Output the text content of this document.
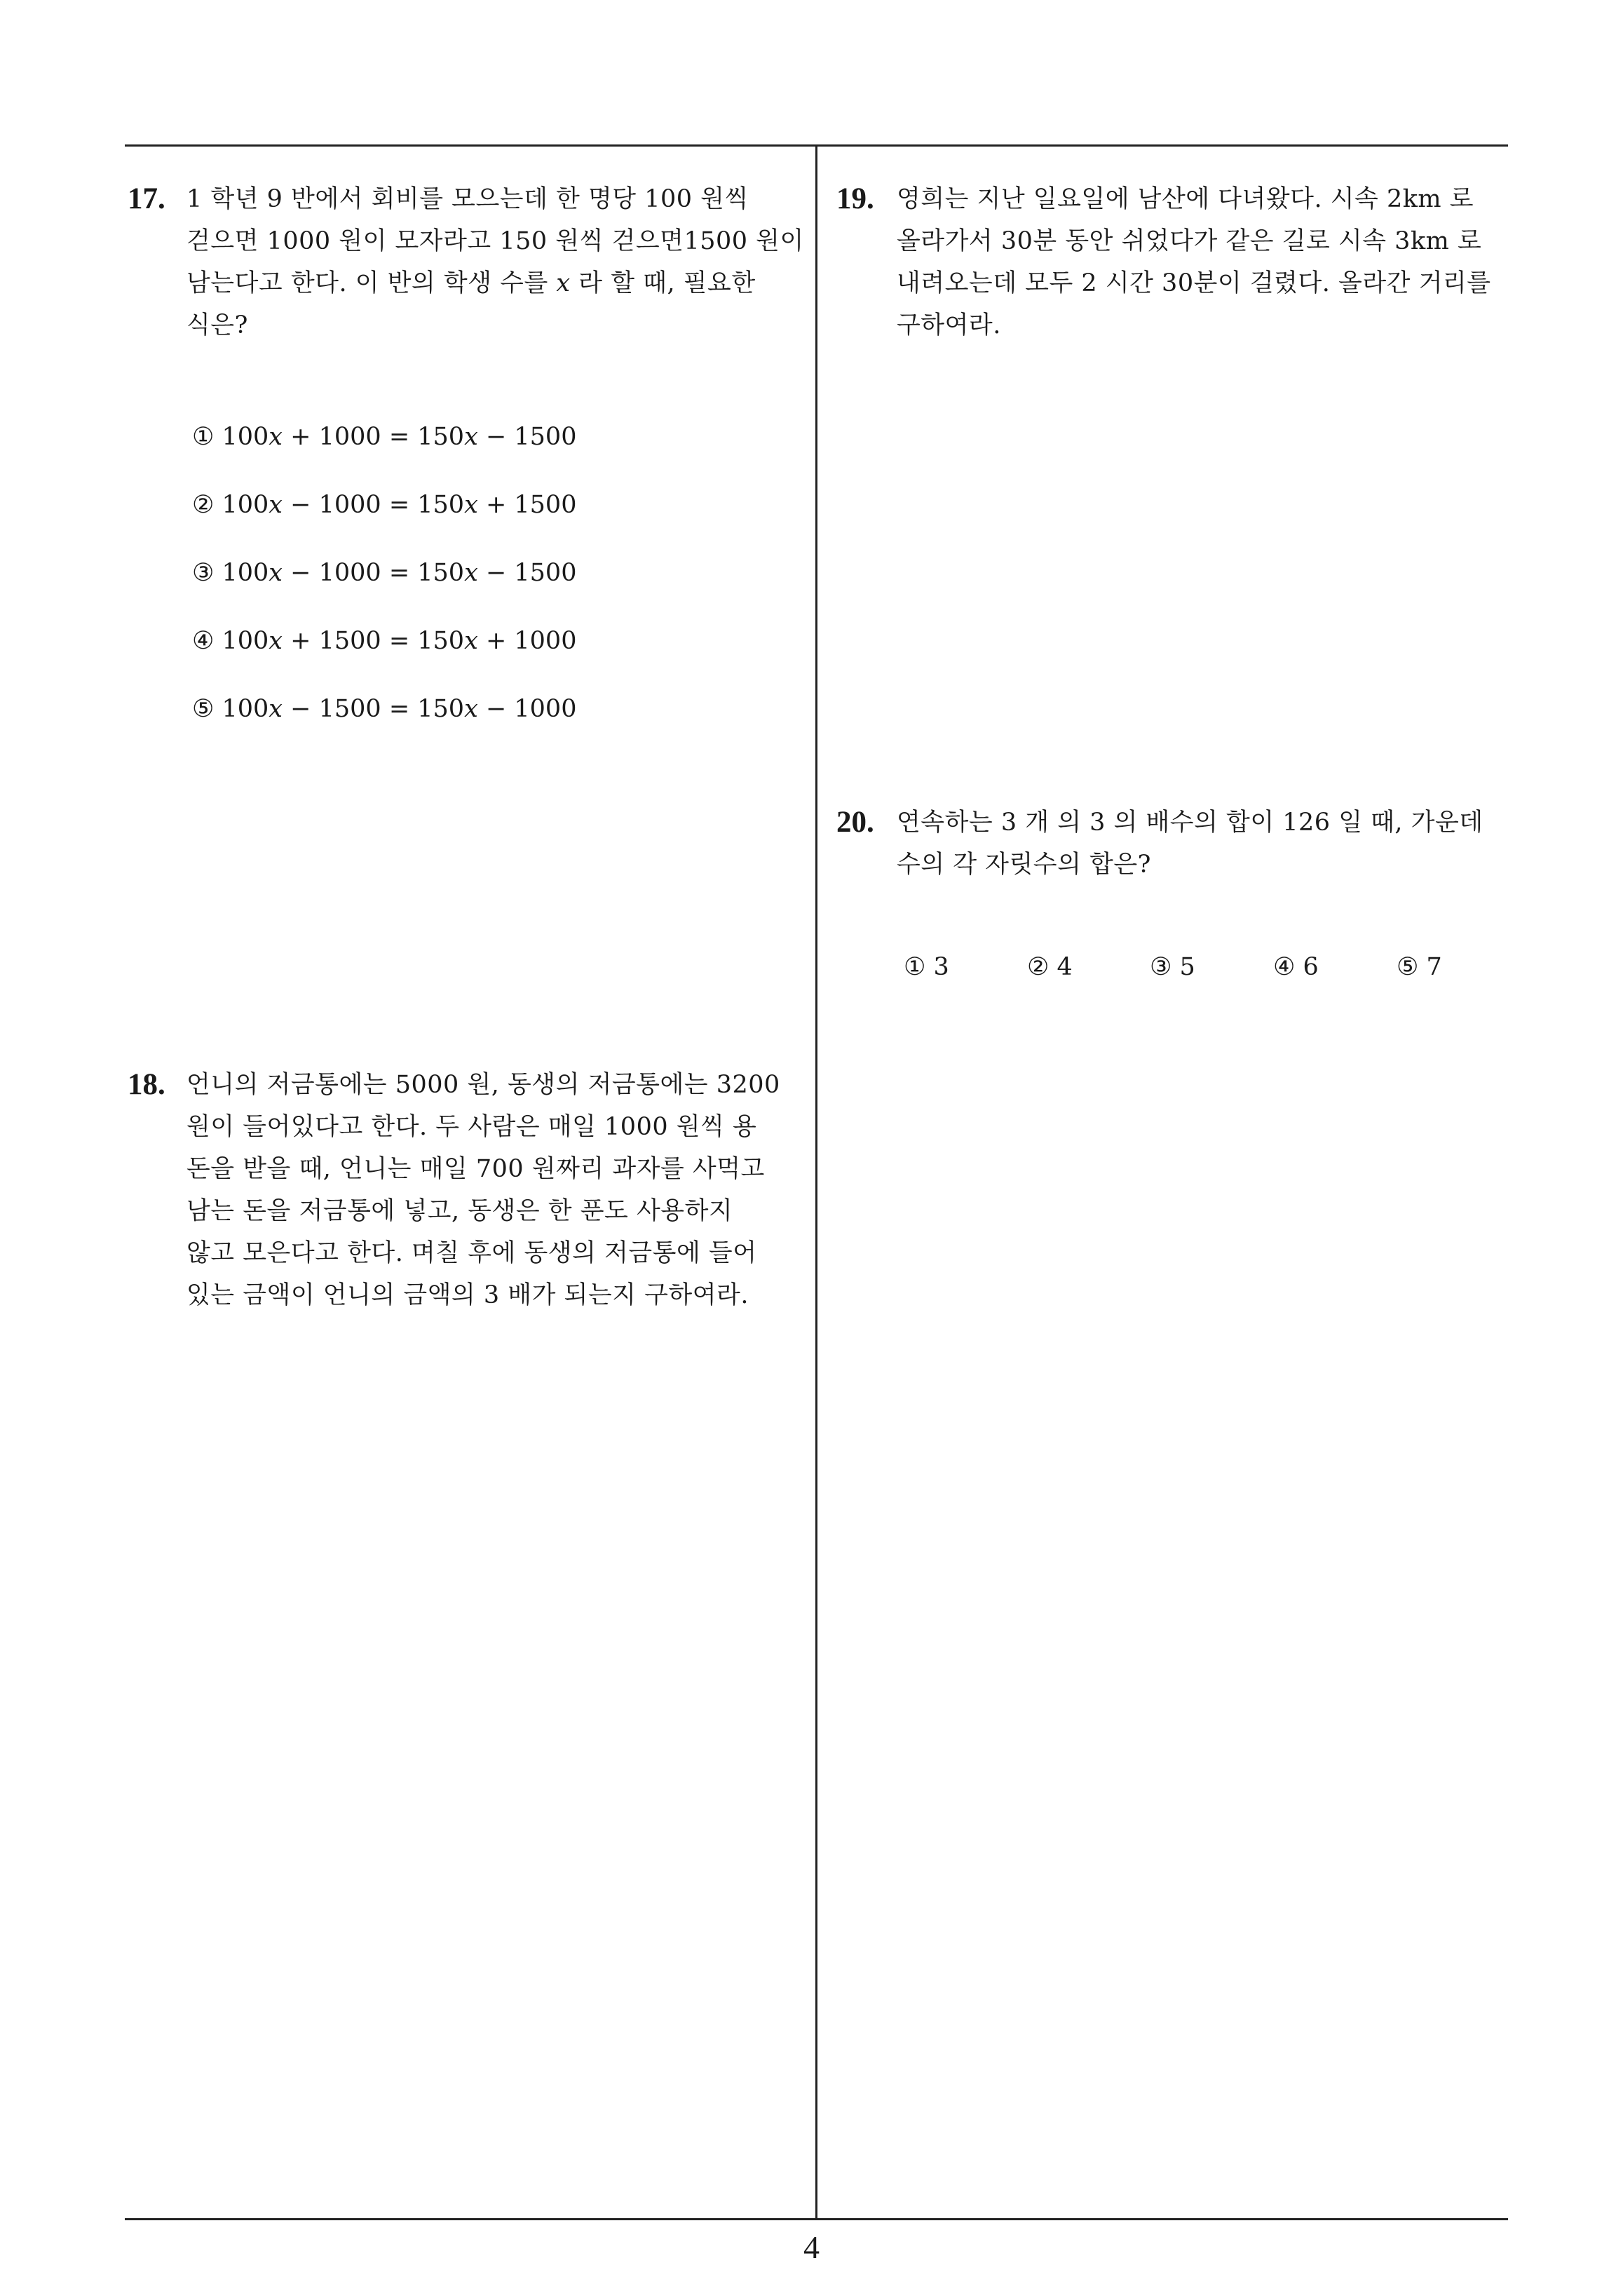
17. 1 학년 9 반에서 회비를 모으는데 한 명당 100 원씩
걷으면 1000 원이 모자라고 150 원씩 걷으면1500 원이
남는다고 한다. 이 반의 학생 수를 𝑥 라 할 때, 필요한
식은?
① 100𝑥 + 1000 = 150𝑥 − 1500
② 100𝑥 − 1000 = 150𝑥 + 1500
③ 100𝑥 − 1000 = 150𝑥 − 1500
④ 100𝑥 + 1500 = 150𝑥 + 1000
⑤ 100𝑥 − 1500 = 150𝑥 − 1000
18. 언니의 저금통에는 5000 원, 동생의 저금통에는 3200
원이 들어있다고 한다. 두 사람은 매일 1000 원씩 용
돈을 받을 때, 언니는 매일 700 원짜리 과자를 사먹고
남는 돈을 저금통에 넣고, 동생은 한 푼도 사용하지
않고 모은다고 한다. 며칠 후에 동생의 저금통에 들어
있는 금액이 언니의 금액의 3 배가 되는지 구하여라.
19. 영희는 지난 일요일에 남산에 다녀왔다. 시속 2km 로
올라가서 30분 동안 쉬었다가 같은 길로 시속 3km 로
내려오는데 모두 2 시간 30분이 걸렸다. 올라간 거리를
구하여라.
20. 연속하는 3 개 의 3 의 배수의 합이 126 일 때, 가운데
수의 각 자릿수의 합은?
① 3	② 4	③ 5	④ 6	⑤ 7
4
